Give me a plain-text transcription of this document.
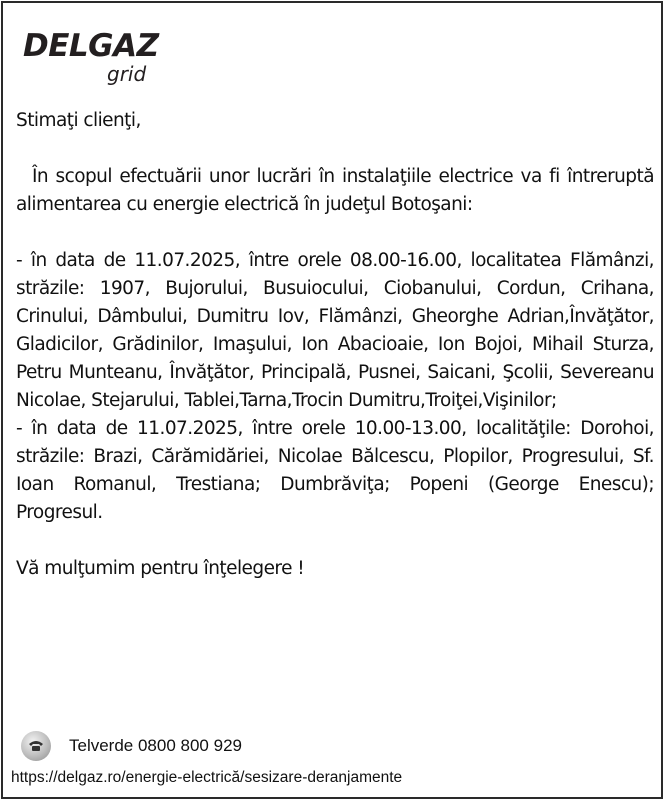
DELGAZ
grid

Stimaţi clienţi,

În scopul efectuării unor lucrări în instalaţiile electrice va fi întreruptă alimentarea cu energie electrică în judeţul Botoşani:

- în data de 11.07.2025, între orele 08.00-16.00, localitatea Flămânzi, străzile: 1907, Bujorului, Busuiocului, Ciobanului, Cordun, Crihana, Crinului, Dâmbului, Dumitru Iov, Flămânzi, Gheorghe Adrian,Învăţător, Gladicilor, Grădinilor, Imaşului, Ion Abacioaie, Ion Bojoi, Mihail Sturza, Petru Munteanu, Învăţător, Principală, Pusnei, Saicani, Şcolii, Severeanu Nicolae, Stejarului, Tablei,Tarna,Trocin Dumitru,Troiţei,Vişinilor;

- în data de 11.07.2025, între orele 10.00-13.00, localităţile: Dorohoi, străzile: Brazi, Cărămidăriei, Nicolae Bălcescu, Plopilor, Progresului, Sf. Ioan Romanul, Trestiana; Dumbrăviţa; Popeni (George Enescu); Progresul.

Vă mulţumim pentru înţelegere !

Telverde 0800 800 929
https://delgaz.ro/energie-electrică/sesizare-deranjamente
